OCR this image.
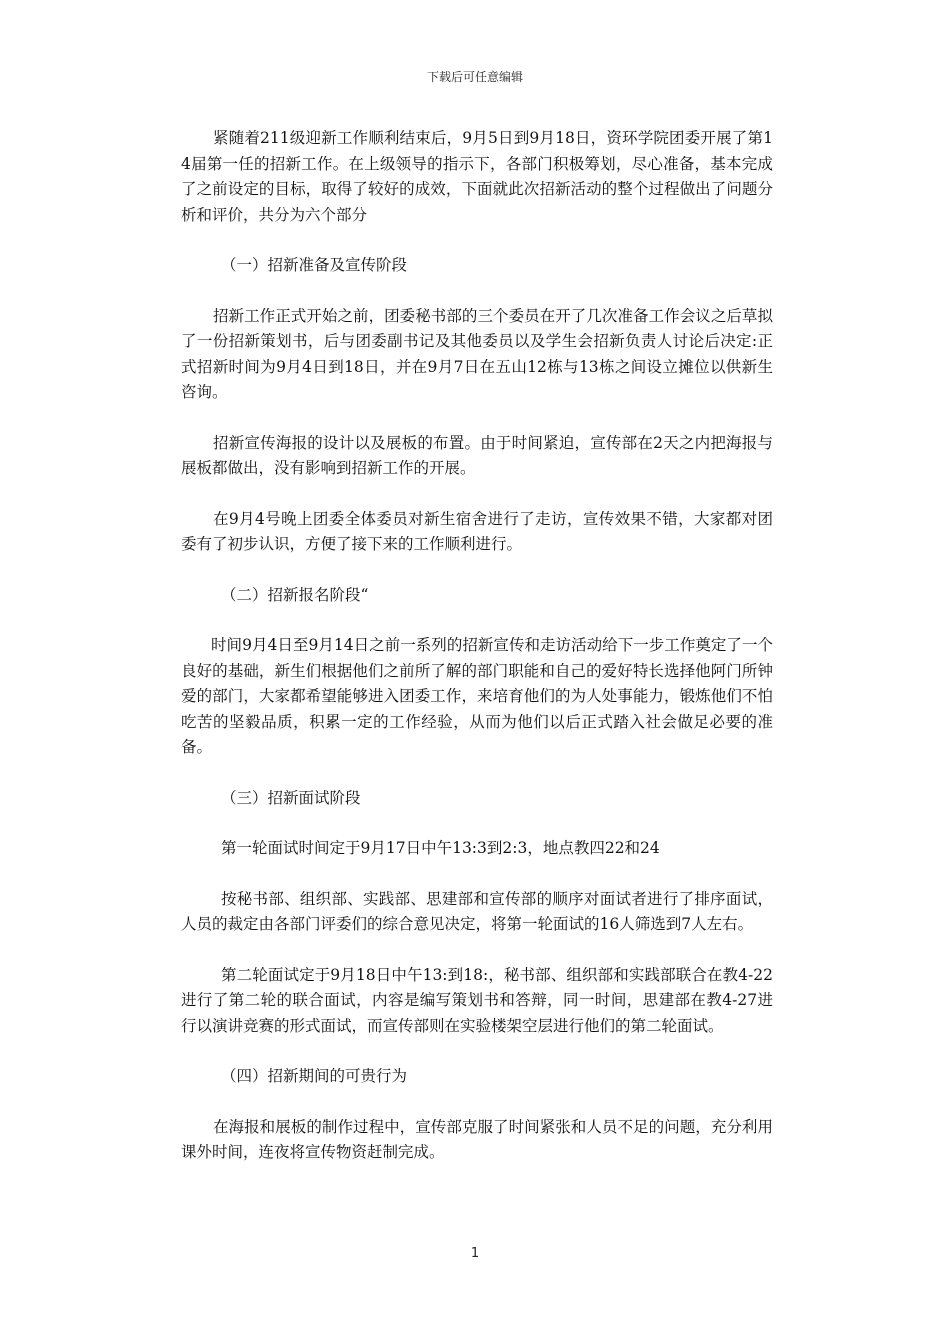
下载后可任意编辑

紧随着211级迎新工作顺利结束后，9月5日到9月18日，资环学院团委开展了第14届第一任的招新工作。在上级领导的指示下，各部门积极筹划，尽心准备，基本完成了之前设定的目标，取得了较好的成效，下面就此次招新活动的整个过程做出了问题分析和评价，共分为六个部分

（一）招新准备及宣传阶段

招新工作正式开始之前，团委秘书部的三个委员在开了几次准备工作会议之后草拟了一份招新策划书，后与团委副书记及其他委员以及学生会招新负责人讨论后决定:正式招新时间为9月4日到18日，并在9月7日在五山12栋与13栋之间设立摊位以供新生咨询。

招新宣传海报的设计以及展板的布置。由于时间紧迫，宣传部在2天之内把海报与展板都做出，没有影响到招新工作的开展。

在9月4号晚上团委全体委员对新生宿舍进行了走访，宣传效果不错，大家都对团委有了初步认识，方便了接下来的工作顺利进行。

（二）招新报名阶段“

时间9月4日至9月14日之前一系列的招新宣传和走访活动给下一步工作奠定了一个良好的基础，新生们根据他们之前所了解的部门职能和自己的爱好特长选择他阿门所钟爱的部门，大家都希望能够进入团委工作，来培育他们的为人处事能力，锻炼他们不怕吃苦的坚毅品质，积累一定的工作经验，从而为他们以后正式踏入社会做足必要的准备。

（三）招新面试阶段

第一轮面试时间定于9月17日中午13:3到2:3，地点教四22和24

按秘书部、组织部、实践部、思建部和宣传部的顺序对面试者进行了排序面试，人员的裁定由各部门评委们的综合意见决定，将第一轮面试的16人筛选到7人左右。

第二轮面试定于9月18日中午13:到18:，秘书部、组织部和实践部联合在教4-22进行了第二轮的联合面试，内容是编写策划书和答辩，同一时间，思建部在教4-27进行以演讲竞赛的形式面试，而宣传部则在实验楼架空层进行他们的第二轮面试。

（四）招新期间的可贵行为

在海报和展板的制作过程中，宣传部克服了时间紧张和人员不足的问题，充分利用课外时间，连夜将宣传物资赶制完成。

1
